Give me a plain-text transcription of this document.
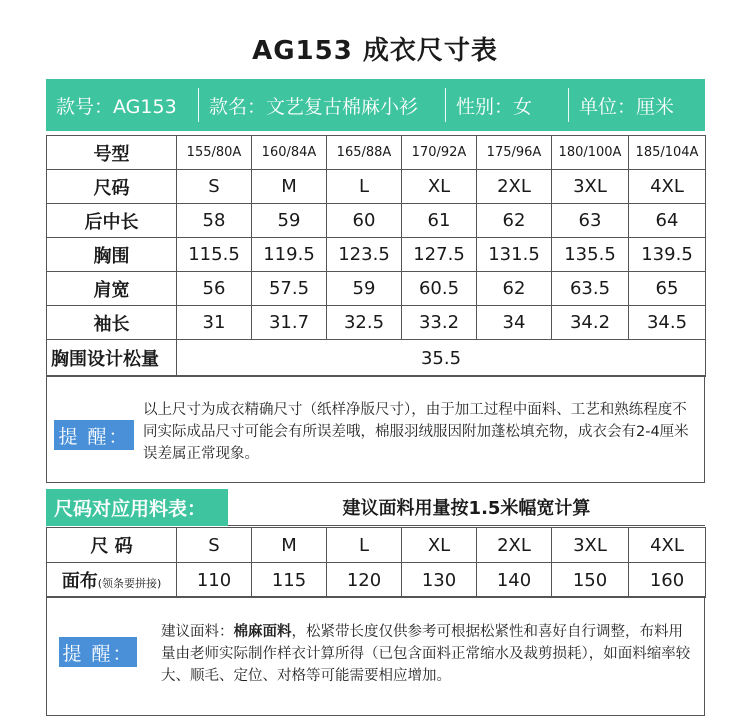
AG153 成衣尺寸表
款号：AG153	款名：文艺复古棉麻小衫	性别：女	单位：厘米
号型	155/80A	160/84A	165/88A	170/92A	175/96A	180/100A	185/104A
尺码	S	M	L	XL	2XL	3XL	4XL
后中长	58	59	60	61	62	63	64
胸围	115.5	119.5	123.5	127.5	131.5	135.5	139.5
肩宽	56	57.5	59	60.5	62	63.5	65
袖长	31	31.7	32.5	33.2	34	34.2	34.5
胸围设计松量	35.5						
提 醒：
以上尺寸为成衣精确尺寸（纸样净版尺寸），由于加工过程中面料、工艺和熟练程度不同实际成品尺寸可能会有所误差哦，棉服羽绒服因附加蓬松填充物，成衣会有2-4厘米误差属正常现象。
尺码对应用料表：	建议面料用量按1.5米幅宽计算
尺 码	S	M	L	XL	2XL	3XL	4XL
面布(领条要拼接)	110	115	120	130	140	150	160
提 醒：
建议面料：棉麻面料，松紧带长度仅供参考可根据松紧性和喜好自行调整，布料用量由老师实际制作样衣计算所得（已包含面料正常缩水及裁剪损耗），如面料缩率较大、顺毛、定位、对格等可能需要相应增加。
